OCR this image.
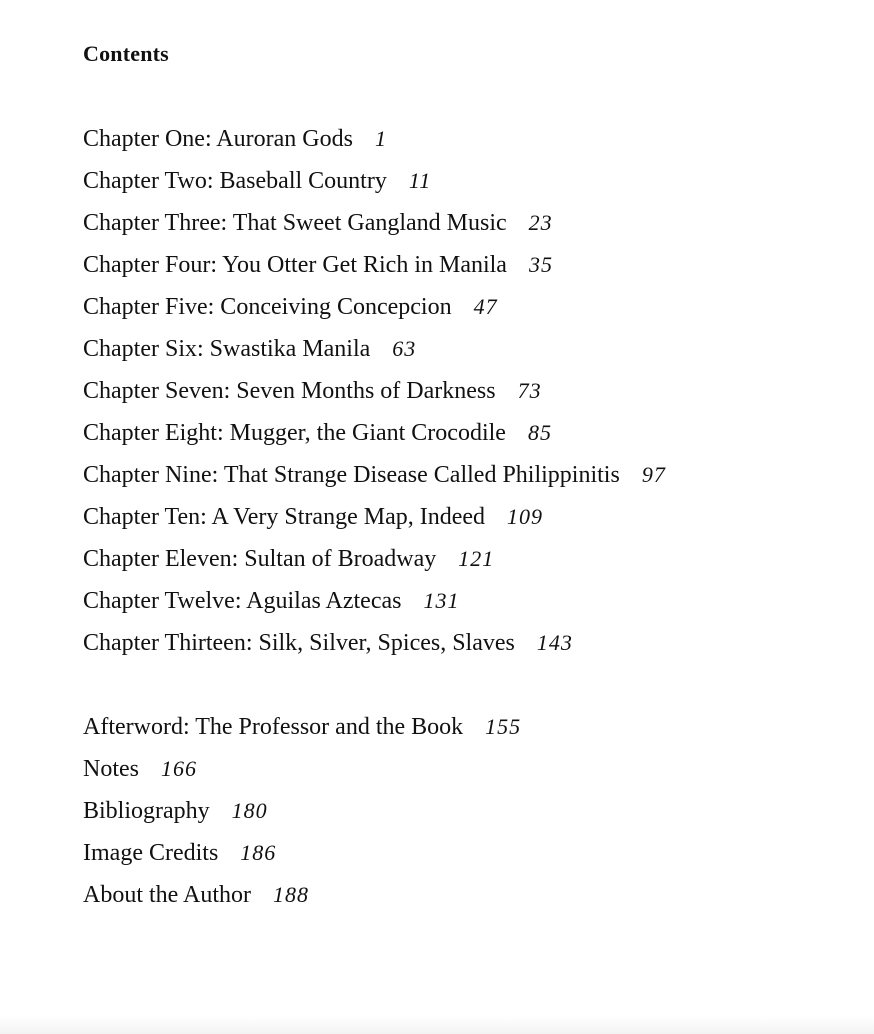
Contents
Chapter One: Auroran Gods 1
Chapter Two: Baseball Country 11
Chapter Three: That Sweet Gangland Music 23
Chapter Four: You Otter Get Rich in Manila 35
Chapter Five: Conceiving Concepcion 47
Chapter Six: Swastika Manila 63
Chapter Seven: Seven Months of Darkness 73
Chapter Eight: Mugger, the Giant Crocodile 85
Chapter Nine: That Strange Disease Called Philippinitis 97
Chapter Ten: A Very Strange Map, Indeed 109
Chapter Eleven: Sultan of Broadway 121
Chapter Twelve: Aguilas Aztecas 131
Chapter Thirteen: Silk, Silver, Spices, Slaves 143
Afterword: The Professor and the Book 155
Notes 166
Bibliography 180
Image Credits 186
About the Author 188
